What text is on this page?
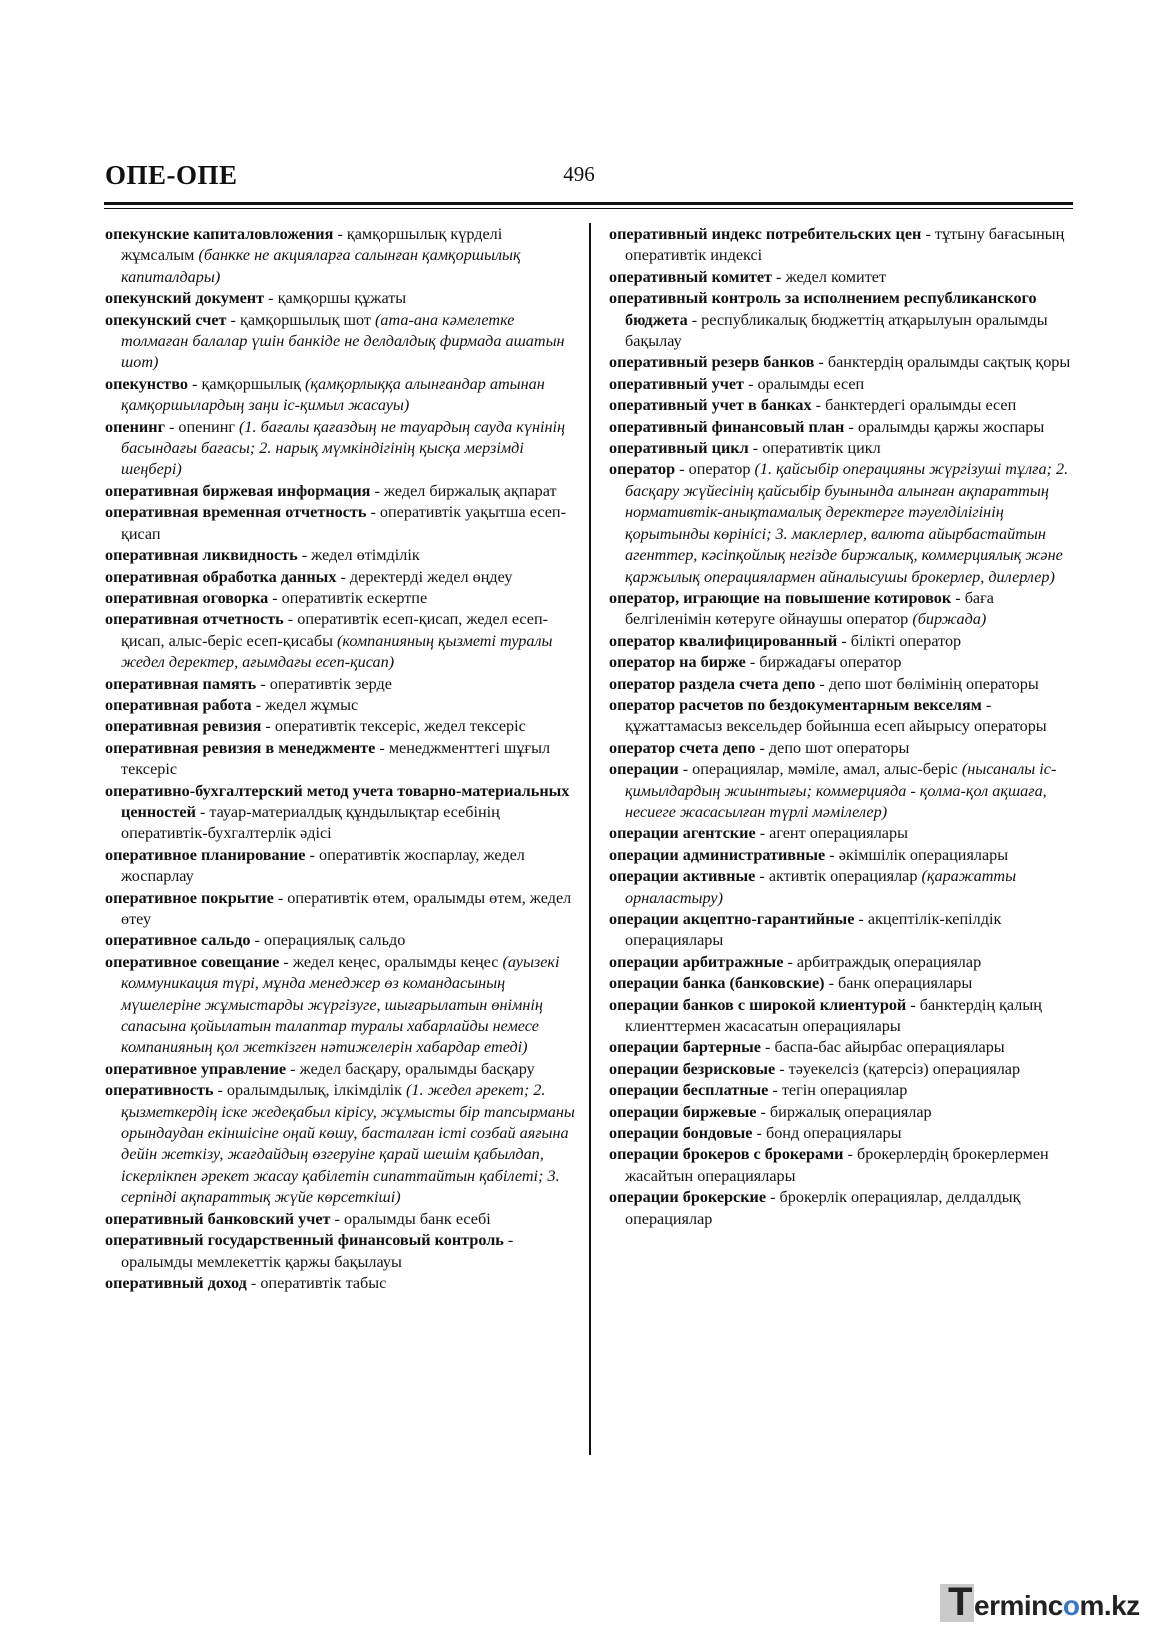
ОПЕ-ОПЕ	496
опекунские капиталовложения - қамқоршылық күрделі жұмсалым (банкке не акцияларға салынған қамқоршылық капиталдары)
опекунский документ - қамқоршы құжаты
опекунский счет - қамқоршылық шот (ата-ана кәмелетке толмаған балалар үшін банкіде не делдалдық фирмада ашатын шот)
опекунство - қамқоршылық (қамқорлыққа алынғандар атынан қамқоршылардың заңи іс-қимыл жасауы)
опенинг - опенинг (1. бағалы қағаздың не тауардың сауда күнінің басындағы бағасы; 2. нарық мүмкіндігінің қысқа мерзімді шеңбері)
оперативная биржевая информация - жедел биржалық ақпарат
оперативная временная отчетность - оперативтік уақытша есеп-қисап
оперативная ликвидность - жедел өтімділік
оперативная обработка данных - деректерді жедел өңдеу
оперативная оговорка - оперативтік ескертпе
оперативная отчетность - оперативтік есеп-қисап, жедел есеп-қисап, алыс-беріс есеп-қисабы (компанияның қызметі туралы жедел деректер, ағымдағы есеп-қисап)
оперативная память - оперативтік зерде
оперативная работа - жедел жұмыс
оперативная ревизия - оперативтік тексеріс, жедел тексеріс
оперативная ревизия в менеджменте - менеджменттегі шұғыл тексеріс
оперативно-бухгалтерский метод учета товарно-материальных ценностей - тауар-материалдық құндылықтар есебінің оперативтік-бухгалтерлік әдісі
оперативное планирование - оперативтік жоспарлау, жедел жоспарлау
оперативное покрытие - оперативтік өтем, оралымды өтем, жедел өтеу
оперативное сальдо - операциялық сальдо
оперативное совещание - жедел кеңес, оралымды кеңес (ауызекі коммуникация түрі, мұнда менеджер өз командасының мүшелеріне жұмыстарды жүргізуге, шығарылатын өнімнің сапасына қойылатын талаптар туралы хабарлайды немесе компанияның қол жеткізген нәтижелерін хабардар етеді)
оперативное управление - жедел басқару, оралымды басқару
оперативность - оралымдылық, ілкімділік (1. жедел әрекет; 2. қызметкердің іске жедеқабыл кірісу, жұмысты бір тапсырманы орындаудан екіншісіне оңай көшу, басталған істі созбай аяғына дейін жеткізу, жағдайдың өзгеруіне қарай шешім қабылдап, іскерлікпен әрекет жасау қабілетін сипаттайтын қабілеті; 3. серпінді ақпараттық жүйе көрсеткіші)
оперативный банковский учет - оралымды банк есебі
оперативный государственный финансовый контроль - оралымды мемлекеттік қаржы бақылауы
оперативный доход - оперативтік табыс
оперативный индекс потребительских цен - тұтыну бағасының оперативтік индексі
оперативный комитет - жедел комитет
оперативный контроль за исполнением республиканского бюджета - республикалық бюджеттің атқарылуын оралымды бақылау
оперативный резерв банков - банктердің оралымды сақтық қоры
оперативный учет - оралымды есеп
оперативный учет в банках - банктердегі оралымды есеп
оперативный финансовый план - оралымды қаржы жоспары
оперативный цикл - оперативтік цикл
оператор - оператор (1. қайсыбір операцияны жүргізуші тұлға; 2. басқару жүйесінің қайсыбір буынында алынған ақпараттың нормативтік-анықтамалық деректерге тәуелділігінің қорытынды көрінісі; 3. маклерлер, валюта айырбастайтын агенттер, кәсіпқойлық негізде биржалық, коммерциялық және қаржылық операциялармен айналысушы брокерлер, дилерлер)
оператор, играющие на повышение котировок - баға белгіленімін көтеруге ойнаушы оператор (биржада)
оператор квалифицированный - білікті оператор
оператор на бирже - биржадағы оператор
оператор раздела счета депо - депо шот бөлімінің операторы
оператор расчетов по бездокументарным векселям - құжаттамасыз вексельдер бойынша есеп айырысу операторы
оператор счета депо - депо шот операторы
операции - операциялар, мәміле, амал, алыс-беріс (нысаналы іс-қимылдардың жиынтығы; коммерцияда - қолма-қол ақшаға, несиеге жасасылған түрлі мәмілелер)
операции агентские - агент операциялары
операции административные - әкімшілік операциялары
операции активные - активтік операциялар (қаражатты орналастыру)
операции акцептно-гарантийные - акцептілік-кепілдік операциялары
операции арбитражные - арбитраждық операциялар
операции банка (банковские) - банк операциялары
операции банков с широкой клиентурой - банктердің қалың клиенттермен жасасатын операциялары
операции бартерные - баспа-бас айырбас операциялары
операции безрисковые - тәуекелсіз (қатерсіз) операциялар
операции бесплатные - тегін операциялар
операции биржевые - биржалық операциялар
операции бондовые - бонд операциялары
операции брокеров с брокерами - брокерлердің брокерлермен жасайтын операциялары
операции брокерские - брокерлік операциялар, делдалдық операциялар
T ermincom.kz
